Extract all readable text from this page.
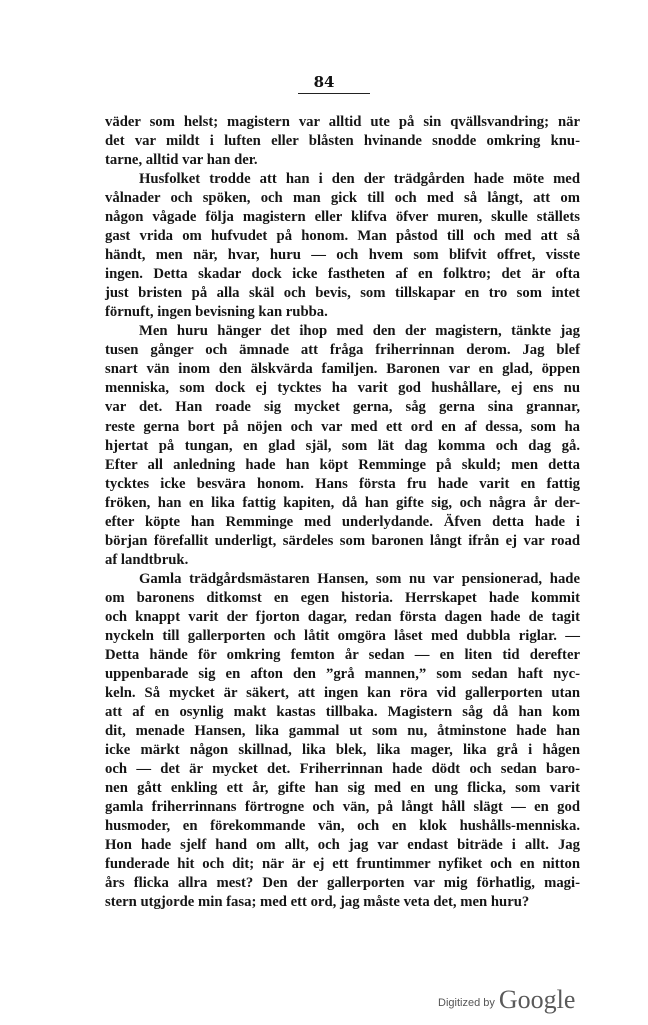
84
väder som helst; magistern var alltid ute på sin qvällsvandring; när
det var mildt i luften eller blåsten hvinande snodde omkring knu-
tarne, alltid var han der.
Husfolket trodde att han i den der trädgården hade möte med
vålnader och spöken, och man gick till och med så långt, att om
någon vågade följa magistern eller klifva öfver muren, skulle ställets
gast vrida om hufvudet på honom. Man påstod till och med att så
händt, men när, hvar, huru — och hvem som blifvit offret, visste
ingen. Detta skadar dock icke fastheten af en folktro; det är ofta
just bristen på alla skäl och bevis, som tillskapar en tro som intet
förnuft, ingen bevisning kan rubba.
Men huru hänger det ihop med den der magistern, tänkte jag
tusen gånger och ämnade att fråga friherrinnan derom. Jag blef
snart vän inom den älskvärda familjen. Baronen var en glad, öppen
menniska, som dock ej tycktes ha varit god hushållare, ej ens nu
var det. Han roade sig mycket gerna, såg gerna sina grannar,
reste gerna bort på nöjen och var med ett ord en af dessa, som ha
hjertat på tungan, en glad själ, som lät dag komma och dag gå.
Efter all anledning hade han köpt Remminge på skuld; men detta
tycktes icke besvära honom. Hans första fru hade varit en fattig
fröken, han en lika fattig kapiten, då han gifte sig, och några år der-
efter köpte han Remminge med underlydande. Äfven detta hade i
början förefallit underligt, särdeles som baronen långt ifrån ej var road
af landtbruk.
Gamla trädgårdsmästaren Hansen, som nu var pensionerad, hade
om baronens ditkomst en egen historia. Herrskapet hade kommit
och knappt varit der fjorton dagar, redan första dagen hade de tagit
nyckeln till gallerporten och låtit omgöra låset med dubbla riglar. —
Detta hände för omkring femton år sedan — en liten tid derefter
uppenbarade sig en afton den ”grå mannen,” som sedan haft nyc-
keln. Så mycket är säkert, att ingen kan röra vid gallerporten utan
att af en osynlig makt kastas tillbaka. Magistern såg då han kom
dit, menade Hansen, lika gammal ut som nu, åtminstone hade han
icke märkt någon skillnad, lika blek, lika mager, lika grå i hågen
och — det är mycket det. Friherrinnan hade dödt och sedan baro-
nen gått enkling ett år, gifte han sig med en ung flicka, som varit
gamla friherrinnans förtrogne och vän, på långt håll slägt — en god
husmoder, en förekommande vän, och en klok hushålls-menniska.
Hon hade sjelf hand om allt, och jag var endast biträde i allt. Jag
funderade hit och dit; när är ej ett fruntimmer nyfiket och en nitton
års flicka allra mest? Den der gallerporten var mig förhatlig, magi-
stern utgjorde min fasa; med ett ord, jag måste veta det, men huru?
Digitized by Google
